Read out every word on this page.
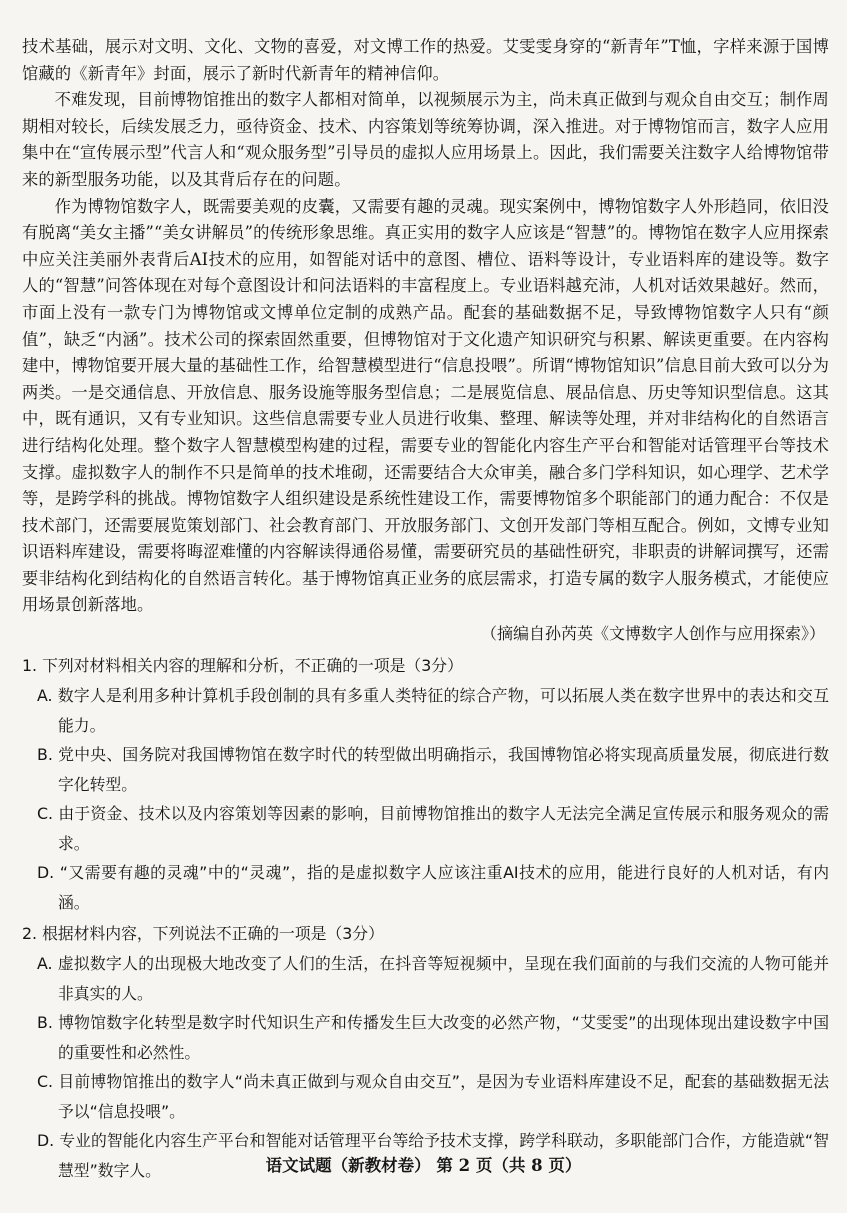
技术基础，展示对文明、文化、文物的喜爱，对文博工作的热爱。艾雯雯身穿的“新青年”T恤，字样来源于国博馆藏的《新青年》封面，展示了新时代新青年的精神信仰。

不难发现，目前博物馆推出的数字人都相对简单，以视频展示为主，尚未真正做到与观众自由交互；制作周期相对较长，后续发展乏力，亟待资金、技术、内容策划等统筹协调，深入推进。对于博物馆而言，数字人应用集中在“宣传展示型”代言人和“观众服务型”引导员的虚拟人应用场景上。因此，我们需要关注数字人给博物馆带来的新型服务功能，以及其背后存在的问题。

作为博物馆数字人，既需要美观的皮囊，又需要有趣的灵魂。现实案例中，博物馆数字人外形趋同，依旧没有脱离“美女主播”“美女讲解员”的传统形象思维。真正实用的数字人应该是“智慧”的。博物馆在数字人应用探索中应关注美丽外表背后AI技术的应用，如智能对话中的意图、槽位、语料等设计，专业语料库的建设等。数字人的“智慧”问答体现在对每个意图设计和问法语料的丰富程度上。专业语料越充沛，人机对话效果越好。然而，市面上没有一款专门为博物馆或文博单位定制的成熟产品。配套的基础数据不足，导致博物馆数字人只有“颜值”，缺乏“内涵”。技术公司的探索固然重要，但博物馆对于文化遗产知识研究与积累、解读更重要。在内容构建中，博物馆要开展大量的基础性工作，给智慧模型进行“信息投喂”。所谓“博物馆知识”信息目前大致可以分为两类。一是交通信息、开放信息、服务设施等服务型信息；二是展览信息、展品信息、历史等知识型信息。这其中，既有通识，又有专业知识。这些信息需要专业人员进行收集、整理、解读等处理，并对非结构化的自然语言进行结构化处理。整个数字人智慧模型构建的过程，需要专业的智能化内容生产平台和智能对话管理平台等技术支撑。虚拟数字人的制作不只是简单的技术堆砌，还需要结合大众审美，融合多门学科知识，如心理学、艺术学等，是跨学科的挑战。博物馆数字人组织建设是系统性建设工作，需要博物馆多个职能部门的通力配合：不仅是技术部门，还需要展览策划部门、社会教育部门、开放服务部门、文创开发部门等相互配合。例如，文博专业知识语料库建设，需要将晦涩难懂的内容解读得通俗易懂，需要研究员的基础性研究，非职责的讲解词撰写，还需要非结构化到结构化的自然语言转化。基于博物馆真正业务的底层需求，打造专属的数字人服务模式，才能使应用场景创新落地。

（摘编自孙芮英《文博数字人创作与应用探索》）

1. 下列对材料相关内容的理解和分析，不正确的一项是（3分）

A. 数字人是利用多种计算机手段创制的具有多重人类特征的综合产物，可以拓展人类在数字世界中的表达和交互能力。

B. 党中央、国务院对我国博物馆在数字时代的转型做出明确指示，我国博物馆必将实现高质量发展，彻底进行数字化转型。

C. 由于资金、技术以及内容策划等因素的影响，目前博物馆推出的数字人无法完全满足宣传展示和服务观众的需求。

D. “又需要有趣的灵魂”中的“灵魂”，指的是虚拟数字人应该注重AI技术的应用，能进行良好的人机对话，有内涵。

2. 根据材料内容，下列说法不正确的一项是（3分）

A. 虚拟数字人的出现极大地改变了人们的生活，在抖音等短视频中，呈现在我们面前的与我们交流的人物可能并非真实的人。

B. 博物馆数字化转型是数字时代知识生产和传播发生巨大改变的必然产物，“艾雯雯”的出现体现出建设数字中国的重要性和必然性。

C. 目前博物馆推出的数字人“尚未真正做到与观众自由交互”，是因为专业语料库建设不足，配套的基础数据无法予以“信息投喂”。

D. 专业的智能化内容生产平台和智能对话管理平台等给予技术支撑，跨学科联动，多职能部门合作，方能造就“智慧型”数字人。	语文试题（新教材卷） 第 2 页（共 8 页）
